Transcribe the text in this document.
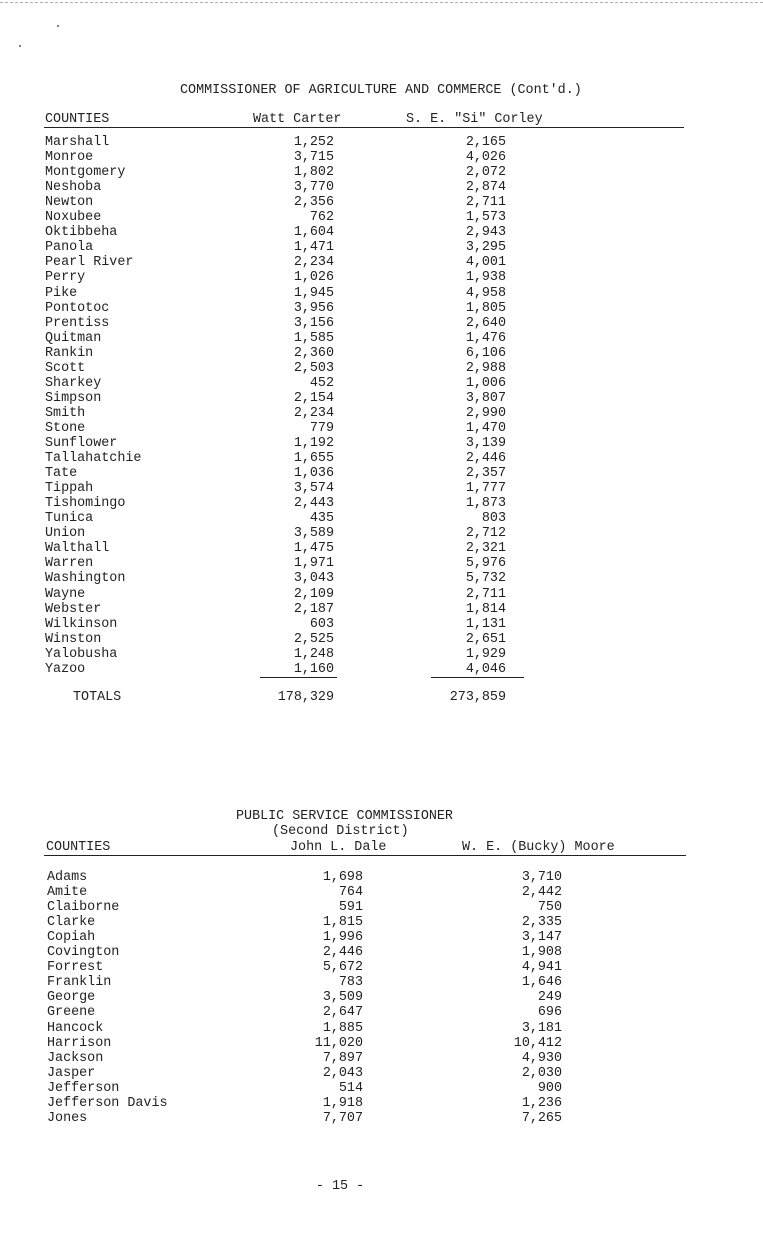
COMMISSIONER OF AGRICULTURE AND COMMERCE (Cont'd.)
COUNTIES	Watt Carter	S. E. "Si" Corley
Marshall	1,252	2,165
Monroe	3,715	4,026
Montgomery	1,802	2,072
Neshoba	3,770	2,874
Newton	2,356	2,711
Noxubee	762	1,573
Oktibbeha	1,604	2,943
Panola	1,471	3,295
Pearl River	2,234	4,001
Perry	1,026	1,938
Pike	1,945	4,958
Pontotoc	3,956	1,805
Prentiss	3,156	2,640
Quitman	1,585	1,476
Rankin	2,360	6,106
Scott	2,503	2,988
Sharkey	452	1,006
Simpson	2,154	3,807
Smith	2,234	2,990
Stone	779	1,470
Sunflower	1,192	3,139
Tallahatchie	1,655	2,446
Tate	1,036	2,357
Tippah	3,574	1,777
Tishomingo	2,443	1,873
Tunica	435	803
Union	3,589	2,712
Walthall	1,475	2,321
Warren	1,971	5,976
Washington	3,043	5,732
Wayne	2,109	2,711
Webster	2,187	1,814
Wilkinson	603	1,131
Winston	2,525	2,651
Yalobusha	1,248	1,929
Yazoo	1,160	4,046
TOTALS	178,329	273,859
PUBLIC SERVICE COMMISSIONER
(Second District)
COUNTIES	John L. Dale	W. E. (Bucky) Moore
Adams	1,698	3,710
Amite	764	2,442
Claiborne	591	750
Clarke	1,815	2,335
Copiah	1,996	3,147
Covington	2,446	1,908
Forrest	5,672	4,941
Franklin	783	1,646
George	3,509	249
Greene	2,647	696
Hancock	1,885	3,181
Harrison	11,020	10,412
Jackson	7,897	4,930
Jasper	2,043	2,030
Jefferson	514	900
Jefferson Davis	1,918	1,236
Jones	7,707	7,265
- 15 -
